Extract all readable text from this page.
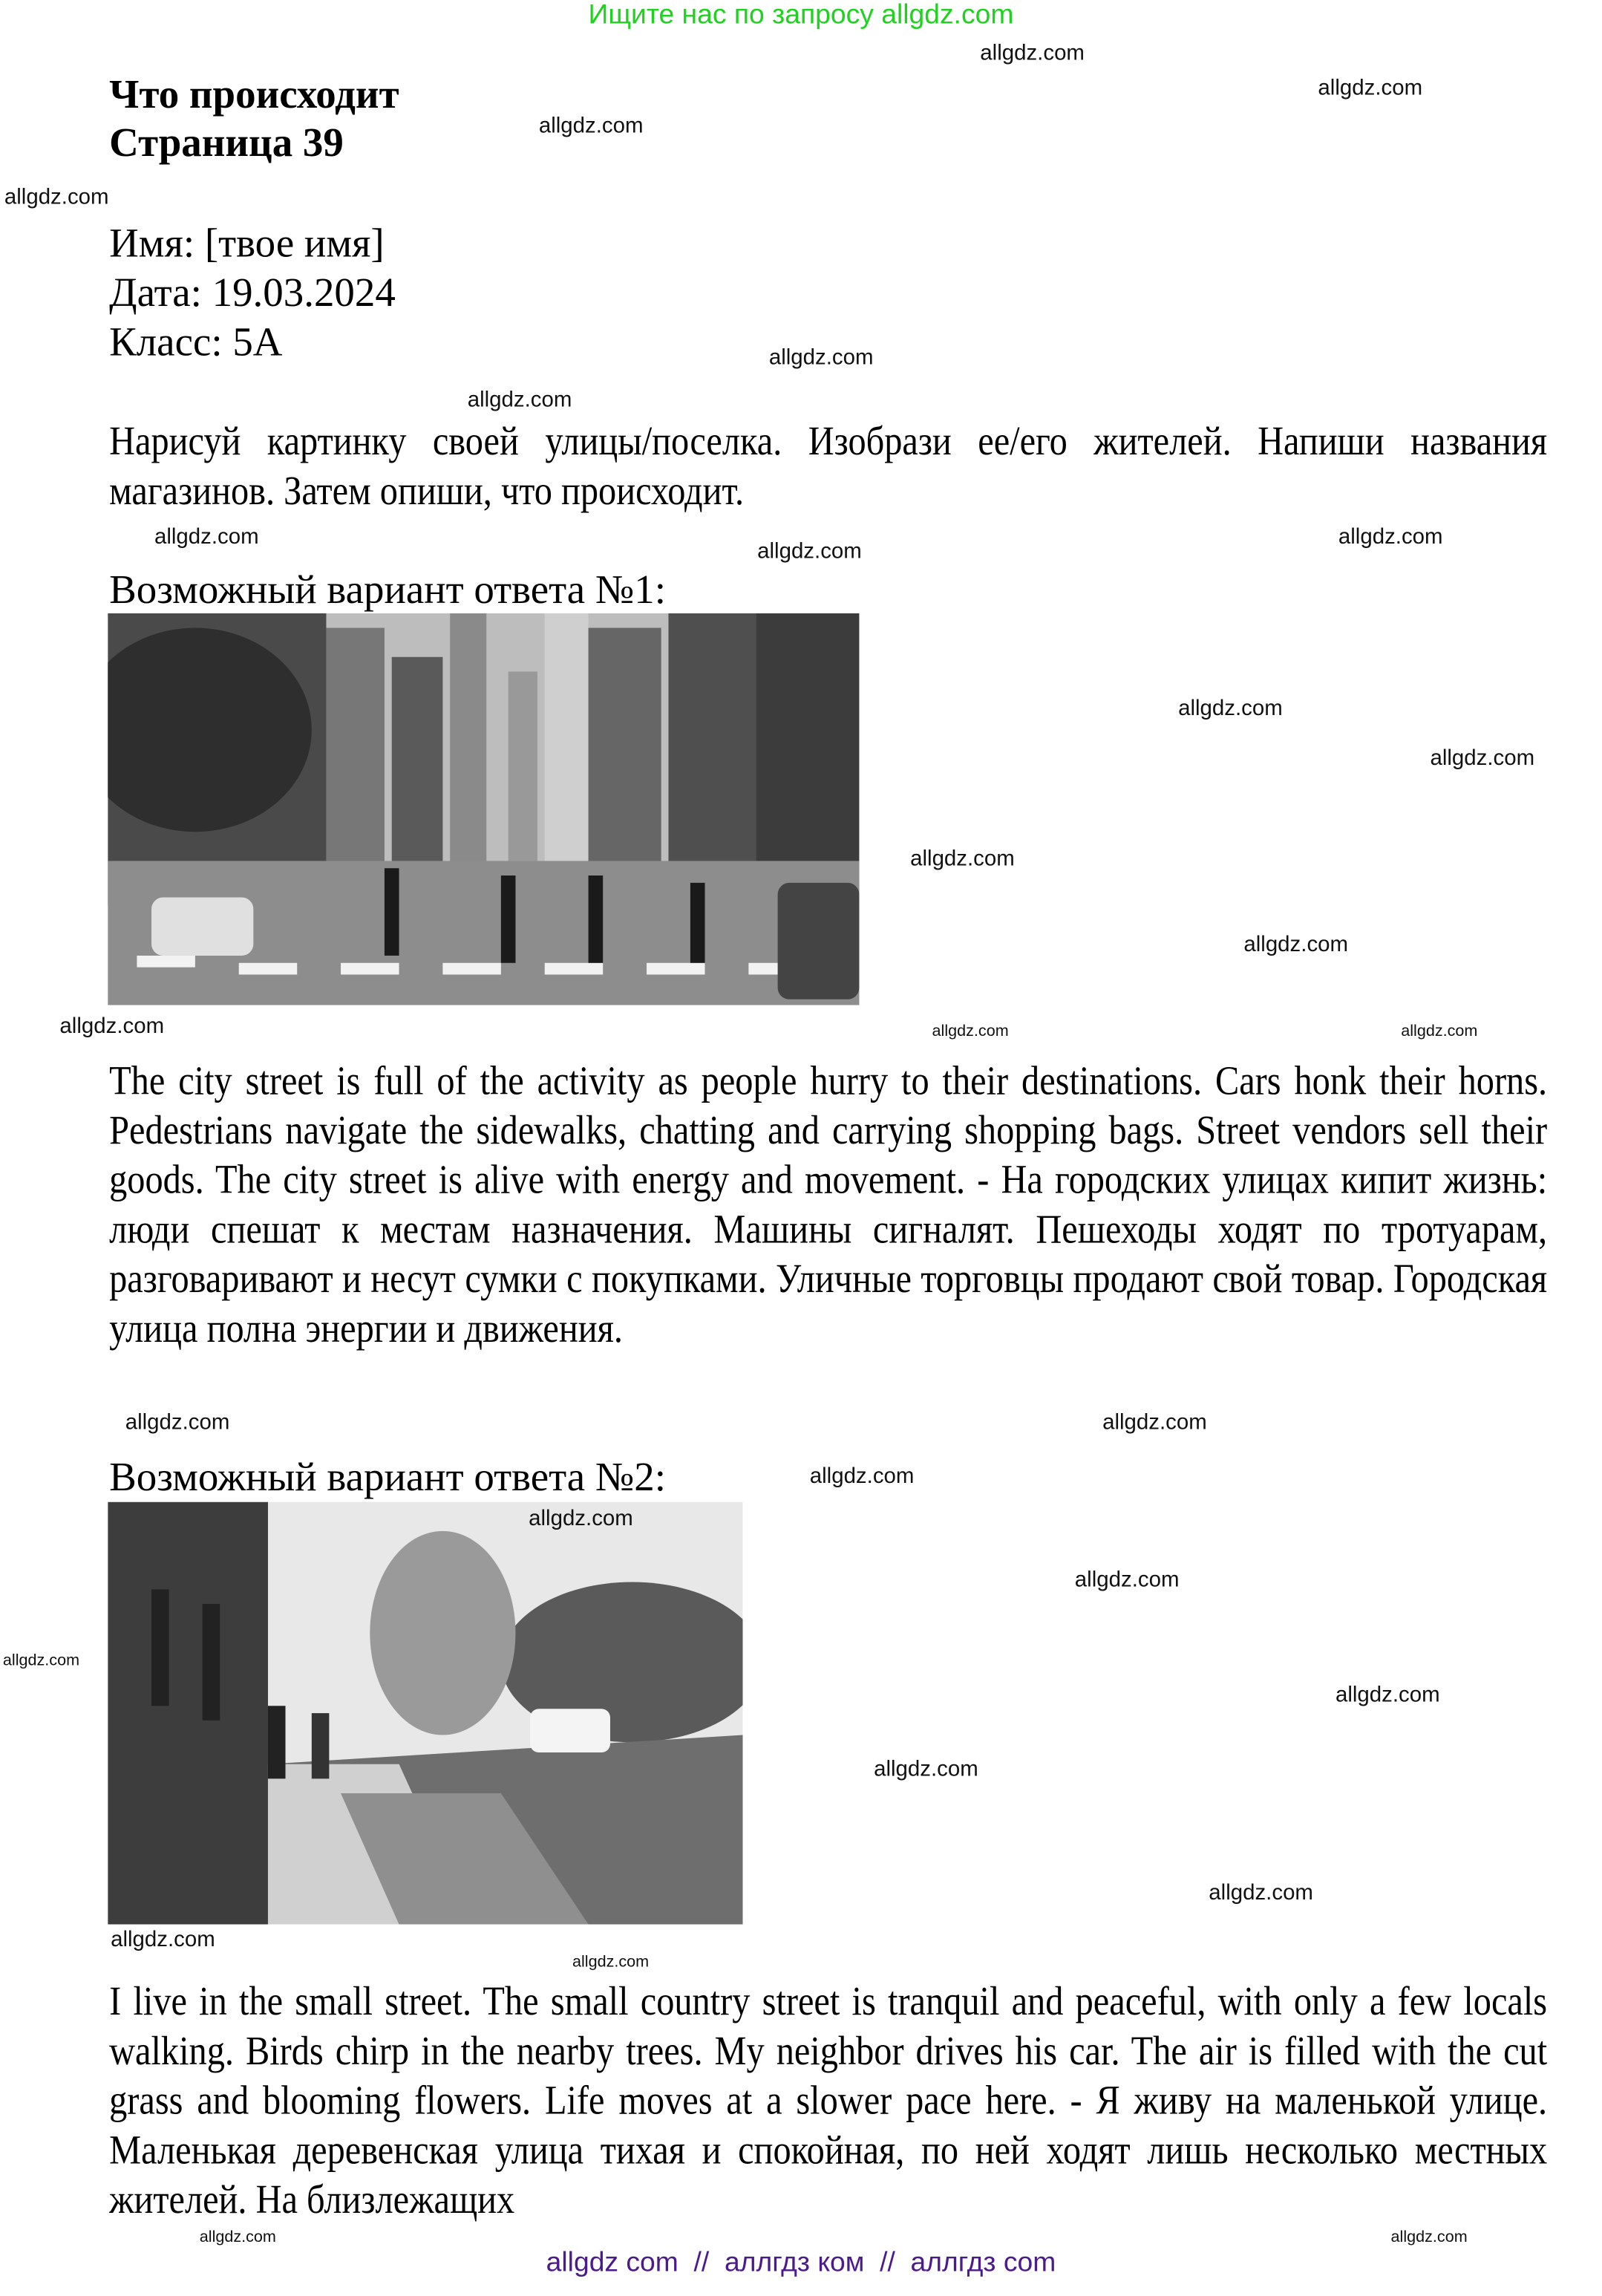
Ищите нас по запросу allgdz.com
Что происходит
Страница 39
Имя: [твое имя]
Дата: 19.03.2024
Класс: 5А
Нарисуй картинку своей улицы/поселка. Изобрази ее/его жителей. Напиши названия магазинов. Затем опиши, что происходит.
Возможный вариант ответа №1:
The city street is full of the activity as people hurry to their destinations. Cars honk their horns. Pedestrians navigate the sidewalks, chatting and carrying shopping bags. Street vendors sell their goods. The city street is alive with energy and movement. - На городских улицах кипит жизнь: люди спешат к местам назначения. Машины сигналят. Пешеходы ходят по тротуарам, разговаривают и несут сумки с покупками. Уличные торговцы продают свой товар. Городская улица полна энергии и движения.
Возможный вариант ответа №2:
I live in the small street. The small country street is tranquil and peaceful, with only a few locals walking. Birds chirp in the nearby trees. My neighbor drives his car. The air is filled with the cut grass and blooming flowers. Life moves at a slower pace here. - Я живу на маленькой улице. Маленькая деревенская улица тихая и спокойная, по ней ходят лишь несколько местных жителей. На близлежащих
allgdz.com
allgdz.com
allgdz.com
allgdz.com
allgdz.com
allgdz.com
allgdz.com
allgdz.com
allgdz.com
allgdz.com
allgdz.com
allgdz.com
allgdz.com
allgdz.com	allgdz.com	allgdz.com
allgdz.com
allgdz.com
allgdz.com
allgdz.com
allgdz.com
allgdz.com
allgdz.com
allgdz.com
allgdz.com
allgdz.com
allgdz.com
allgdz.com
allgdz.com
allgdz com  //  аллгдз ком  //  аллгдз com
